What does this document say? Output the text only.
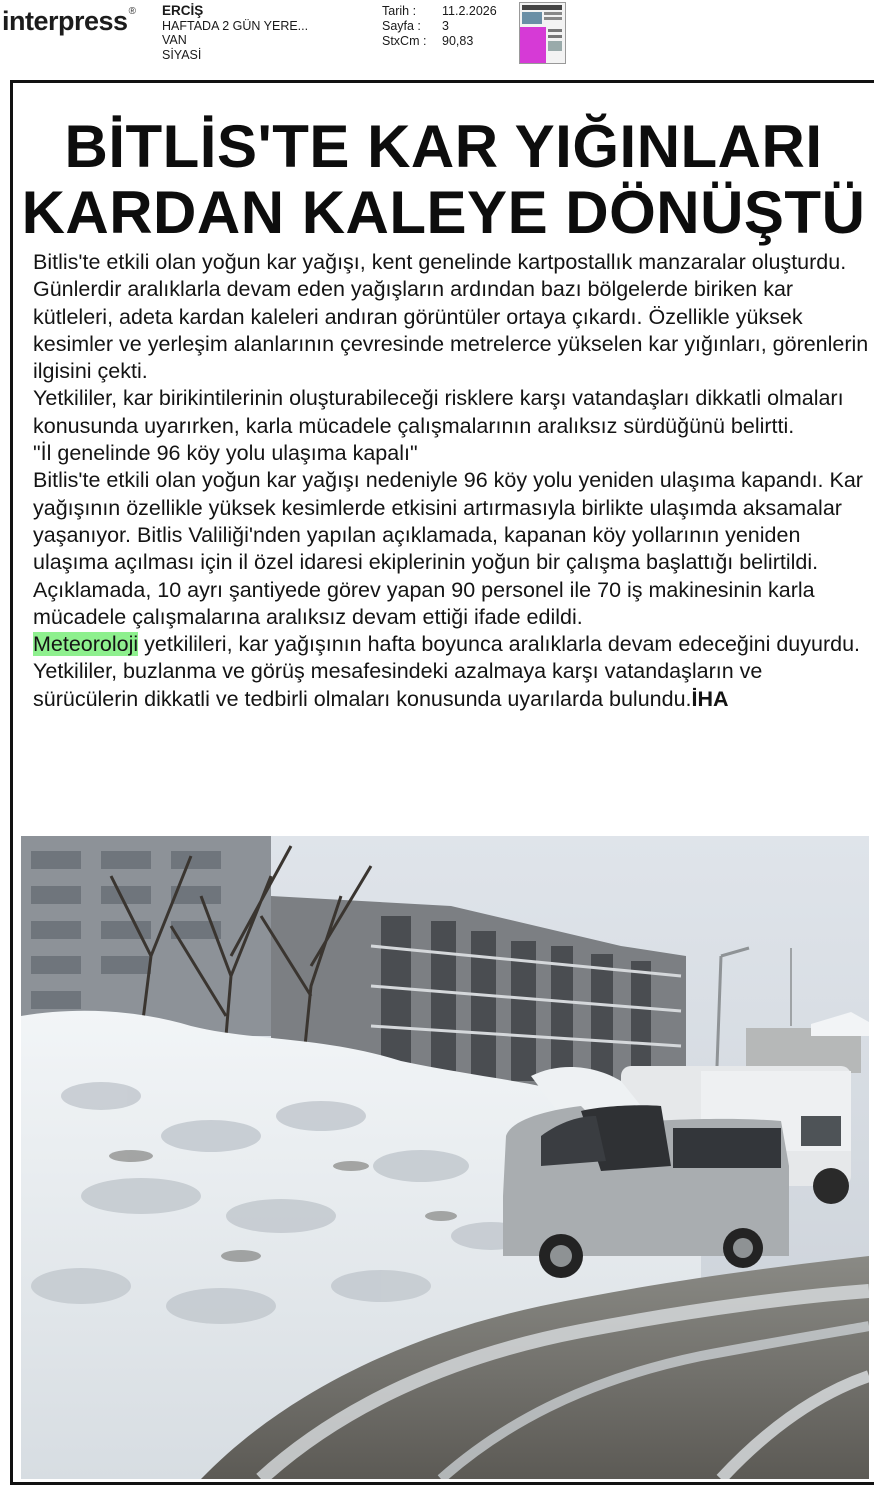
interpress® ERCİŞ
HAFTADA 2 GÜN YERE...
VAN
SİYASİ
Tarih :	11.2.2026
Sayfa :	3
StxCm :	90,83
BİTLİS'TE KAR YIĞINLARI
KARDAN KALEYE DÖNÜŞTÜ

Bitlis'te etkili olan yoğun kar yağışı, kent genelinde kartpostallık manzaralar oluşturdu.

Günlerdir aralıklarla devam eden yağışların ardından bazı bölgelerde biriken kar kütleleri, adeta kardan kaleleri andıran görüntüler ortaya çıkardı. Özellikle yüksek kesimler ve yerleşim alanlarının çevresinde metrelerce yükselen kar yığınları, görenlerin ilgisini çekti.

Yetkililer, kar birikintilerinin oluşturabileceği risklere karşı vatandaşları dikkatli olmaları konusunda uyarırken, karla mücadele çalışmalarının aralıksız sürdüğünü belirtti.

"İl genelinde 96 köy yolu ulaşıma kapalı"

Bitlis'te etkili olan yoğun kar yağışı nedeniyle 96 köy yolu yeniden ulaşıma kapandı. Kar yağışının özellikle yüksek kesimlerde etkisini artırmasıyla birlikte ulaşımda aksamalar yaşanıyor. Bitlis Valiliği'nden yapılan açıklamada, kapanan köy yollarının yeniden ulaşıma açılması için il özel idaresi ekiplerinin yoğun bir çalışma başlattığı belirtildi. Açıklamada, 10 ayrı şantiyede görev yapan 90 personel ile 70 iş makinesinin karla mücadele çalışmalarına aralıksız devam ettiği ifade edildi.

Meteoroloji yetkilileri, kar yağışının hafta boyunca aralıklarla devam edeceğini duyurdu. Yetkililer, buzlanma ve görüş mesafesindeki azalmaya karşı vatandaşların ve sürücülerin dikkatli ve tedbirli olmaları konusunda uyarılarda bulundu.İHA
